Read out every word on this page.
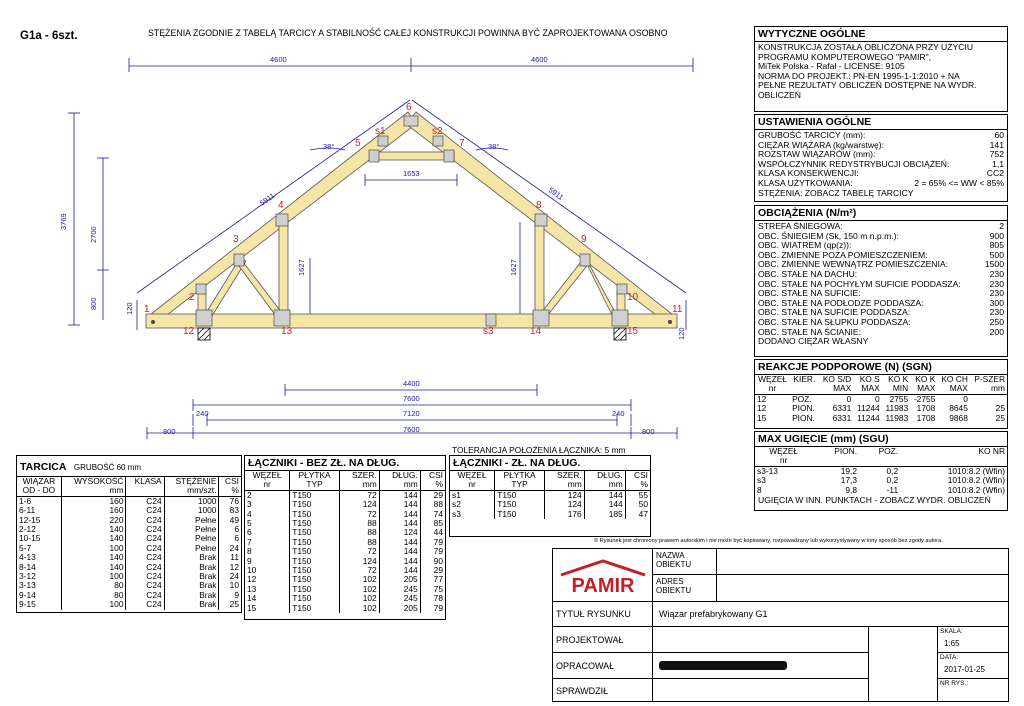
G1a - 6szt.	STĘŻENIA ZGODNIE Z TABELĄ TARCICY A STABILNOŚĆ CAŁEJ KONSTRUKCJI POWINNA BYĆ ZAPROJEKTOWANA OSOBNO
4600	4600
3769
2700
800	120
120
5911	5911
38°	38°
1653
1627	1627
4400
7600
7120
240	240
800	800
7600
1
2
3
4
5
6
7
8
9
10
11
12	13	14	15
s1	s2
s3
WYTYCZNE OGÓLNE
KONSTRUKCJA ZOSTAŁA OBLICZONA PRZY UŻYCIU
PROGRAMU KOMPUTEROWEGO "PAMIR",
MiTek Polska - Rafał - LICENSE: 9105
NORMA DO PROJEKT.: PN-EN 1995-1-1:2010 + NA
PEŁNE REZULTATY OBLICZEŃ DOSTĘPNE NA WYDR.
OBLICZEŃ
USTAWIENIA OGÓLNE
GRUBOŚĆ TARCICY (mm):	60
CIĘŻAR WIĄZARA (kg/warstwę):	141
ROZSTAW WIĄZARÓW (mm):	752
WSPÓŁCZYNNIK REDYSTRYBUCJI OBCIĄŻEŃ:	1,1
KLASA KONSEKWENCJI:	CC2
KLASA UŻYTKOWANIA:	2 = 65% <= WW < 85%
STĘŻENIA: ZOBACZ TABELĘ TARCICY
OBCIĄŻENIA (N/m²)
STREFA ŚNIEGOWA:	2
OBC. ŚNIEGIEM (Sk, 150 m n.p.m.):	900
OBC. WIATREM (qp(z)):	805
OBC. ZMIENNE POZA POMIESZCZENIEM:	500
OBC. ZMIENNE WEWNĄTRZ POMIESZCZENIA:	1500
OBC. STAŁE NA DACHU:	230
OBC. STAŁE NA POCHYŁYM SUFICIE PODDASZA:	230
OBC. STAŁE NA SUFICIE:	230
OBC. STAŁE NA PODŁODZE PODDASZA:	300
OBC. STAŁE NA SUFICIE PODDASZA:	230
OBC. STAŁE NA SŁUPKU PODDASZA:	250
OBC. STAŁE NA ŚCIANIE:	200
DODANO CIĘŻAR WŁASNY
REAKCJE PODPOROWE (N) (SGN)
WĘZEŁ	KIER.	KO S/D	KO S	KO K	KO K	KO CH	P-SZER
nr		MAX	MAX	MIN	MAX	MAX	mm
12	POZ.	0	0	2755	-2755	0	
12	PION.	6331	11244	11983	1708	8645	25
15	PION.	6331	11244	11983	1708	9868	25
MAX UGIĘCIE (mm) (SGU)
WĘZEŁ	PION.	POZ.	KO NR
nr			
s3-13	19,2	0,2	1010:8.2 (Wfin)
s3	17,3	0,2	1010:8.2 (Wfin)
8	9,8	-11	1010:8.2 (Wfin)
UGIĘCIA W INN. PUNKTACH - ZOBACZ WYDR. OBLICZEŃ
TARCICA GRUBOŚĆ 60 mm
WIĄZAR	WYSOKOŚĆ	KLASA	STĘŻENIE	CSI
OD - DO	mm		mm/szt.	%
1-6	160	C24	1000	76
6-11	160	C24	1000	83
12-15	220	C24	Pełne	49
2-12	140	C24	Pełne	6
10-15	140	C24	Pełne	6
5-7	100	C24	Pełne	24
4-13	140	C24	Brak	11
8-14	140	C24	Brak	12
3-12	100	C24	Brak	24
3-13	80	C24	Brak	10
9-14	80	C24	Brak	9
9-15	100	C24	Brak	25
ŁĄCZNIKI - BEZ ZŁ. NA DŁUG.
WĘZEŁ	PŁYTKA	SZER.	DŁUG.	CSI
nr	TYP	mm	mm	%
2	T150	72	144	29
3	T150	124	144	88
4	T150	72	144	74
5	T150	88	144	85
6	T150	88	124	44
7	T150	88	144	79
8	T150	72	144	79
9	T150	124	144	90
10	T150	72	144	29
12	T150	102	205	77
13	T150	102	245	75
14	T150	102	245	78
15	T150	102	205	79
TOLERANCJA POŁOŻENIA ŁĄCZNIKA: 5 mm
ŁĄCZNIKI - ZŁ. NA DŁUG.
WĘZEŁ	PŁYTKA	SZER.	DŁUG.	CSI
nr	TYP	mm	mm	%
s1	T150	124	144	55
s2	T150	124	144	50
s3	T150	176	185	47
© Rysunek jest chroniony prawem autorskim i nie może być kopiowany, rozpowadzany lub wykorzystywany w inny sposób bez zgody autora.
PAMIR
NAZWA OBIEKTU
ADRES OBIEKTU
TYTUŁ RYSUNKU	Wiązar prefabrykowany G1
PROJEKTOWAŁ
OPRACOWAŁ
SPRAWDZIŁ
SKALA:
1:65
DATA:
2017-01-25
NR RYS.:
